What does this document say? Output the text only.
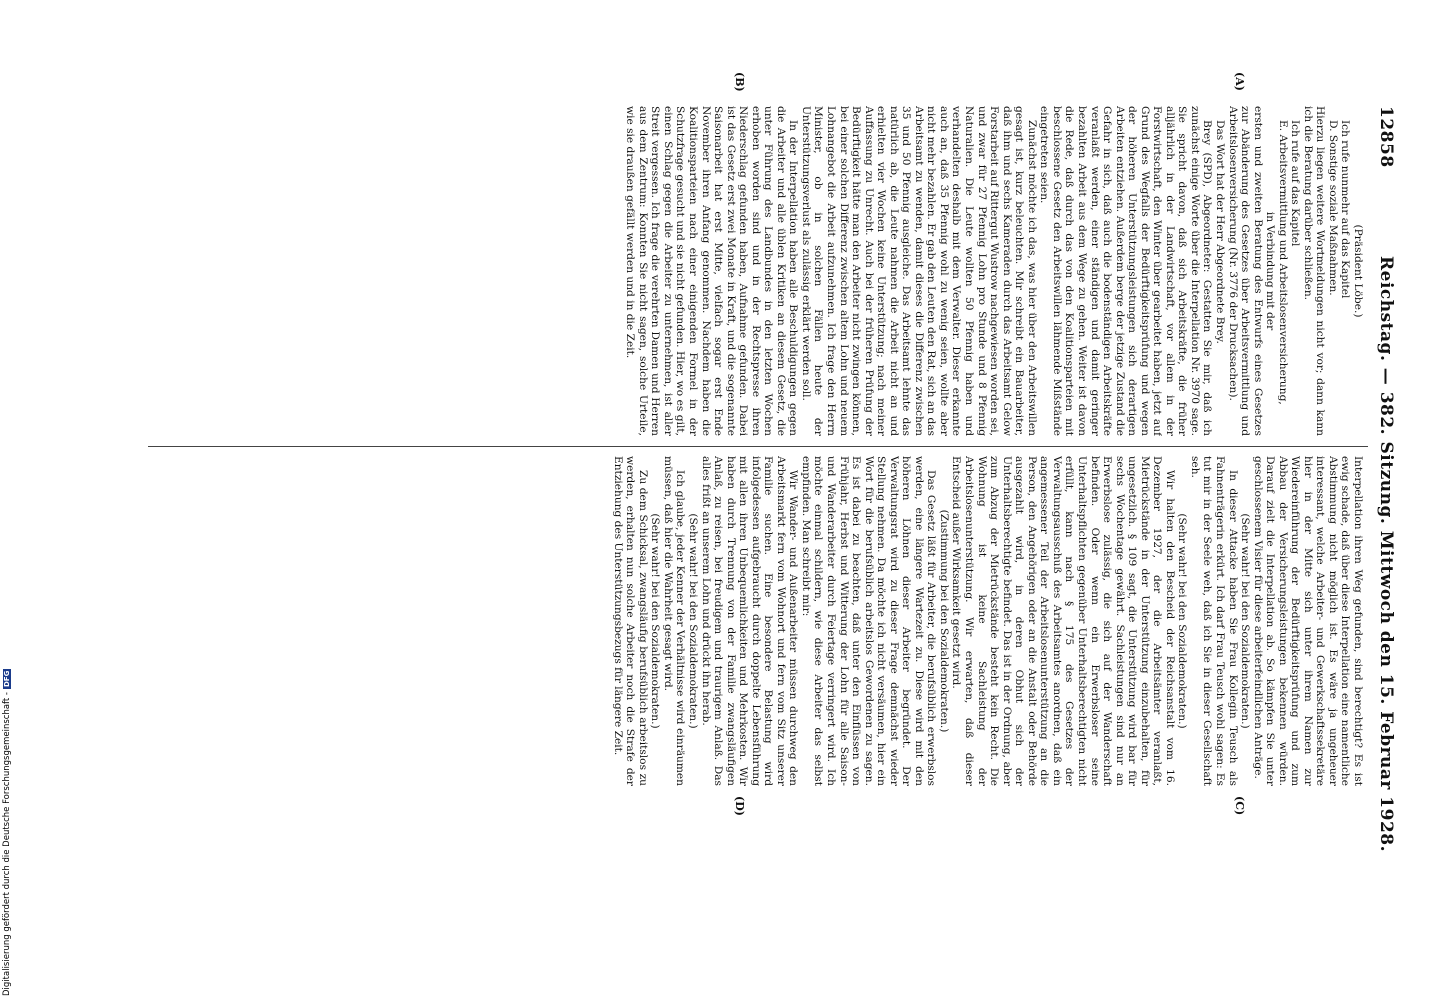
12858
Reichstag. — 382. Sitzung. Mittwoch den 15. Februar 1928.

(Präsident Löbe.)

Ich rufe nunmehr auf das Kapitel

D. Sonstige soziale Maßnahmen.

Hierzu liegen weitere Wortmeldungen nicht vor; dann kann ich die Beratung darüber schließen.

Ich rufe auf das Kapitel

E. Arbeitsvermittlung und Arbeitslosenversicherung,

in Verbindung mit der

ersten und zweiten Beratung des Entwurfs eines Gesetzes zur Abänderung des Gesetzes über Arbeitsvermittlung und Arbeitslosenversicherung (Nr. 3776 der Drucksachen).

Das Wort hat der Herr Abgeordnete Brey.

Brey (SPD), Abgeordneter: Gestatten Sie mir, daß ich zunächst einige Worte über die Interpellation Nr. 3970 sage. Sie spricht davon, daß sich Arbeitskräfte, die früher alljährlich in der Landwirtschaft, vor allem in der Forstwirtschaft, den Winter über gearbeitet haben, jetzt auf Grund des Wegfalls der Bedürftigkeitsprüfung und wegen der höheren Unterstützungsleistungen sich derartigen Arbeiten entziehen. Außerdem berge der jetzige Zustand die Gefahr in sich, daß auch die bodenständigen Arbeitskräfte veranlaßt werden, einer ständigen und damit geringer bezahlten Arbeit aus dem Wege zu gehen. Weiter ist davon die Rede, daß durch das von den Koalitionsparteien mit beschlossene Gesetz den Arbeitswillen lähmende Mißstände eingetreten seien.

Zunächst möchte ich das, was hier über den Arbeitswillen gesagt ist, kurz beleuchten. Mir schreibt ein Bauarbeiter, daß ihm und sechs Kameraden durch das Arbeitsamt Gelow Forstarbeit auf Rittergut Wustrow nachgewiesen worden sei, und zwar für 27 Pfennig Lohn pro Stunde und 8 Pfennig Naturalien. Die Leute wollten 50 Pfennig haben und verhandelten deshalb mit dem Verwalter. Dieser erkannte auch an, daß 35 Pfennig wohl zu wenig seien, wollte aber nicht mehr bezahlen. Er gab den Leuten den Rat, sich an das Arbeitsamt zu wenden, damit dieses die Differenz zwischen 35 und 50 Pfennig ausgleiche. Das Arbeitsamt lehnte das natürlich ab, die Leute nahmen die Arbeit nicht an und erhielten vier Wochen keine Unterstützung; nach meiner Auffassung zu Unrecht. Auch bei der früheren Prüfung der Bedürftigkeit hätte man den Arbeiter nicht zwingen können, bei einer solchen Differenz zwischen altem Lohn und neuem Lohnangebot die Arbeit aufzunehmen. Ich frage den Herrn Minister, ob in solchen Fällen heute der Unterstützungsverlust als zulässig erklärt werden soll.

In der Interpellation haben alle Beschuldigungen gegen die Arbeiter und alle üblen Kritiken an diesem Gesetz, die unter Führung des Landbundes in den letzten Wochen erhoben worden sind und in der Rechtspresse ihren Niederschlag gefunden haben, Aufnahme gefunden. Dabei ist das Gesetz erst zwei Monate in Kraft, und die sogenannte Saisonarbeit hat erst Mitte, vielfach sogar erst Ende November ihren Anfang genommen. Nachdem haben die Koalitionsparteien nach einer einigenden Formel in der Schutzfrage gesucht und sie nicht gefunden. Hier, wo es gilt, einen Schlag gegen die Arbeiter zu unternehmen, ist aller Streit vergessen. Ich frage die verehrten Damen und Herren aus dem Zentrum: Konnten Sie nicht sagen, solche Urteile, wie sie draußen gefällt werden und in die Zeit.

Interpellation ihren Weg gefunden, sind berechtigt? Es ist ewig schade, daß über diese Interpellation eine namentliche Abstimmung nicht möglich ist. Es wäre ja ungeheuer interessant, welche Arbeiter- und Gewerkschaftssekretäre hier in der Mitte sich unter ihrem Namen zur Wiedereinführung der Bedürftigkeitsprüfung und zum Abbau der Versicherungsleistungen bekennen würden. Darauf zielt die Interpellation ab. So kämpfen Sie unter geschlossenem Visier für diese arbeiterfeindlichen Anträge.

(Sehr wahr! bei den Sozialdemokraten.)

In dieser Attacke haben Sie Frau Kollegin Teusch als Fahnenträgerin erkürt. Ich darf Frau Teusch wohl sagen: Es tut mir in der Seele weh, daß ich Sie in dieser Gesellschaft seh.

(Sehr wahr! bei den Sozialdemokraten.)

Wir halten den Bescheid der Reichsanstalt vom 16. Dezember 1927, der die Arbeitsämter veranlaßt, Mietrückstände in der Unterstützung einzubehalten, für ungesetzlich. § 109 sagt, die Unterstützung wird bar für sechs Wochentage gewährt. Sachleistungen sind nur an Erwerbslose zulässig, die sich auf der Wanderschaft befinden. Oder wenn ein Erwerbsloser seine Unterhaltspflichten gegenüber Unterhaltsberechtigten nicht erfüllt, kann nach § 175 des Gesetzes der Verwaltungsausschuß des Arbeitsamtes anordnen, daß ein angemessener Teil der Arbeitslosenunterstützung an die Person, den Angehörigen oder an die Anstalt oder Behörde ausgezahlt wird, in deren Obhut sich der Unterhaltsberechtigte befindet. Das ist in der Ordnung, aber zum Abzug der Mietrückstände besteht kein Recht. Die Wohnung ist keine Sachleistung der Arbeitslosenunterstützung. Wir erwarten, daß dieser Entscheid außer Wirksamkeit gesetzt wird.

(Zustimmung bei den Sozialdemokraten.)

Das Gesetz läßt für Arbeiter, die berufsüblich erwerbslos werden, eine längere Wartezeit zu. Diese wird mit den höheren Löhnen dieser Arbeiter begründet. Der Verwaltungsrat wird zu dieser Frage demnächst wieder Stellung nehmen. Da möchte ich nicht versäumen, hier ein Wort für die berufsüblich arbeitslos Gewordenen zu sagen. Es ist dabei zu beachten, daß unter den Einflüssen von Frühjahr, Herbst und Witterung der Lohn für alle Saison- und Wanderarbeiter durch Feiertage verringert wird. Ich möchte einmal schildern, wie diese Arbeiter das selbst empfinden. Man schreibt mir:

Wir Wander- und Außenarbeiter müssen durchweg den Arbeitsmarkt fern vom Wohnort und fern vom Sitz unserer Familie suchen. Eine besondere Belastung wird infolgedessen aufgebraucht durch doppelte Lebensführung mit allen ihren Unbequemlichkeiten und Mehrkosten. Wir haben durch Trennung von der Familie zwangsläufigen Anlaß, zu reisen, bei freudigem und traurigem Anlaß. Das alles frißt an unserem Lohn und drückt ihn herab.

(Sehr wahr! bei den Sozialdemokraten.)

Ich glaube, jeder Kenner der Verhältnisse wird einräumen müssen, daß hier die Wahrheit gesagt wird.

(Sehr wahr! bei den Sozialdemokraten.)

Zu dem Schicksal, zwangsläufig berufsüblich arbeitslos zu werden, erhalten nun solche Arbeiter noch die Strafe der Entziehung des Unterstützungsbezugs für längere Zeit.

(A)
(B)
(C)
(D)
Digitalisierung gefördert durch die Deutsche Forschungsgemeinschaft -DFG
